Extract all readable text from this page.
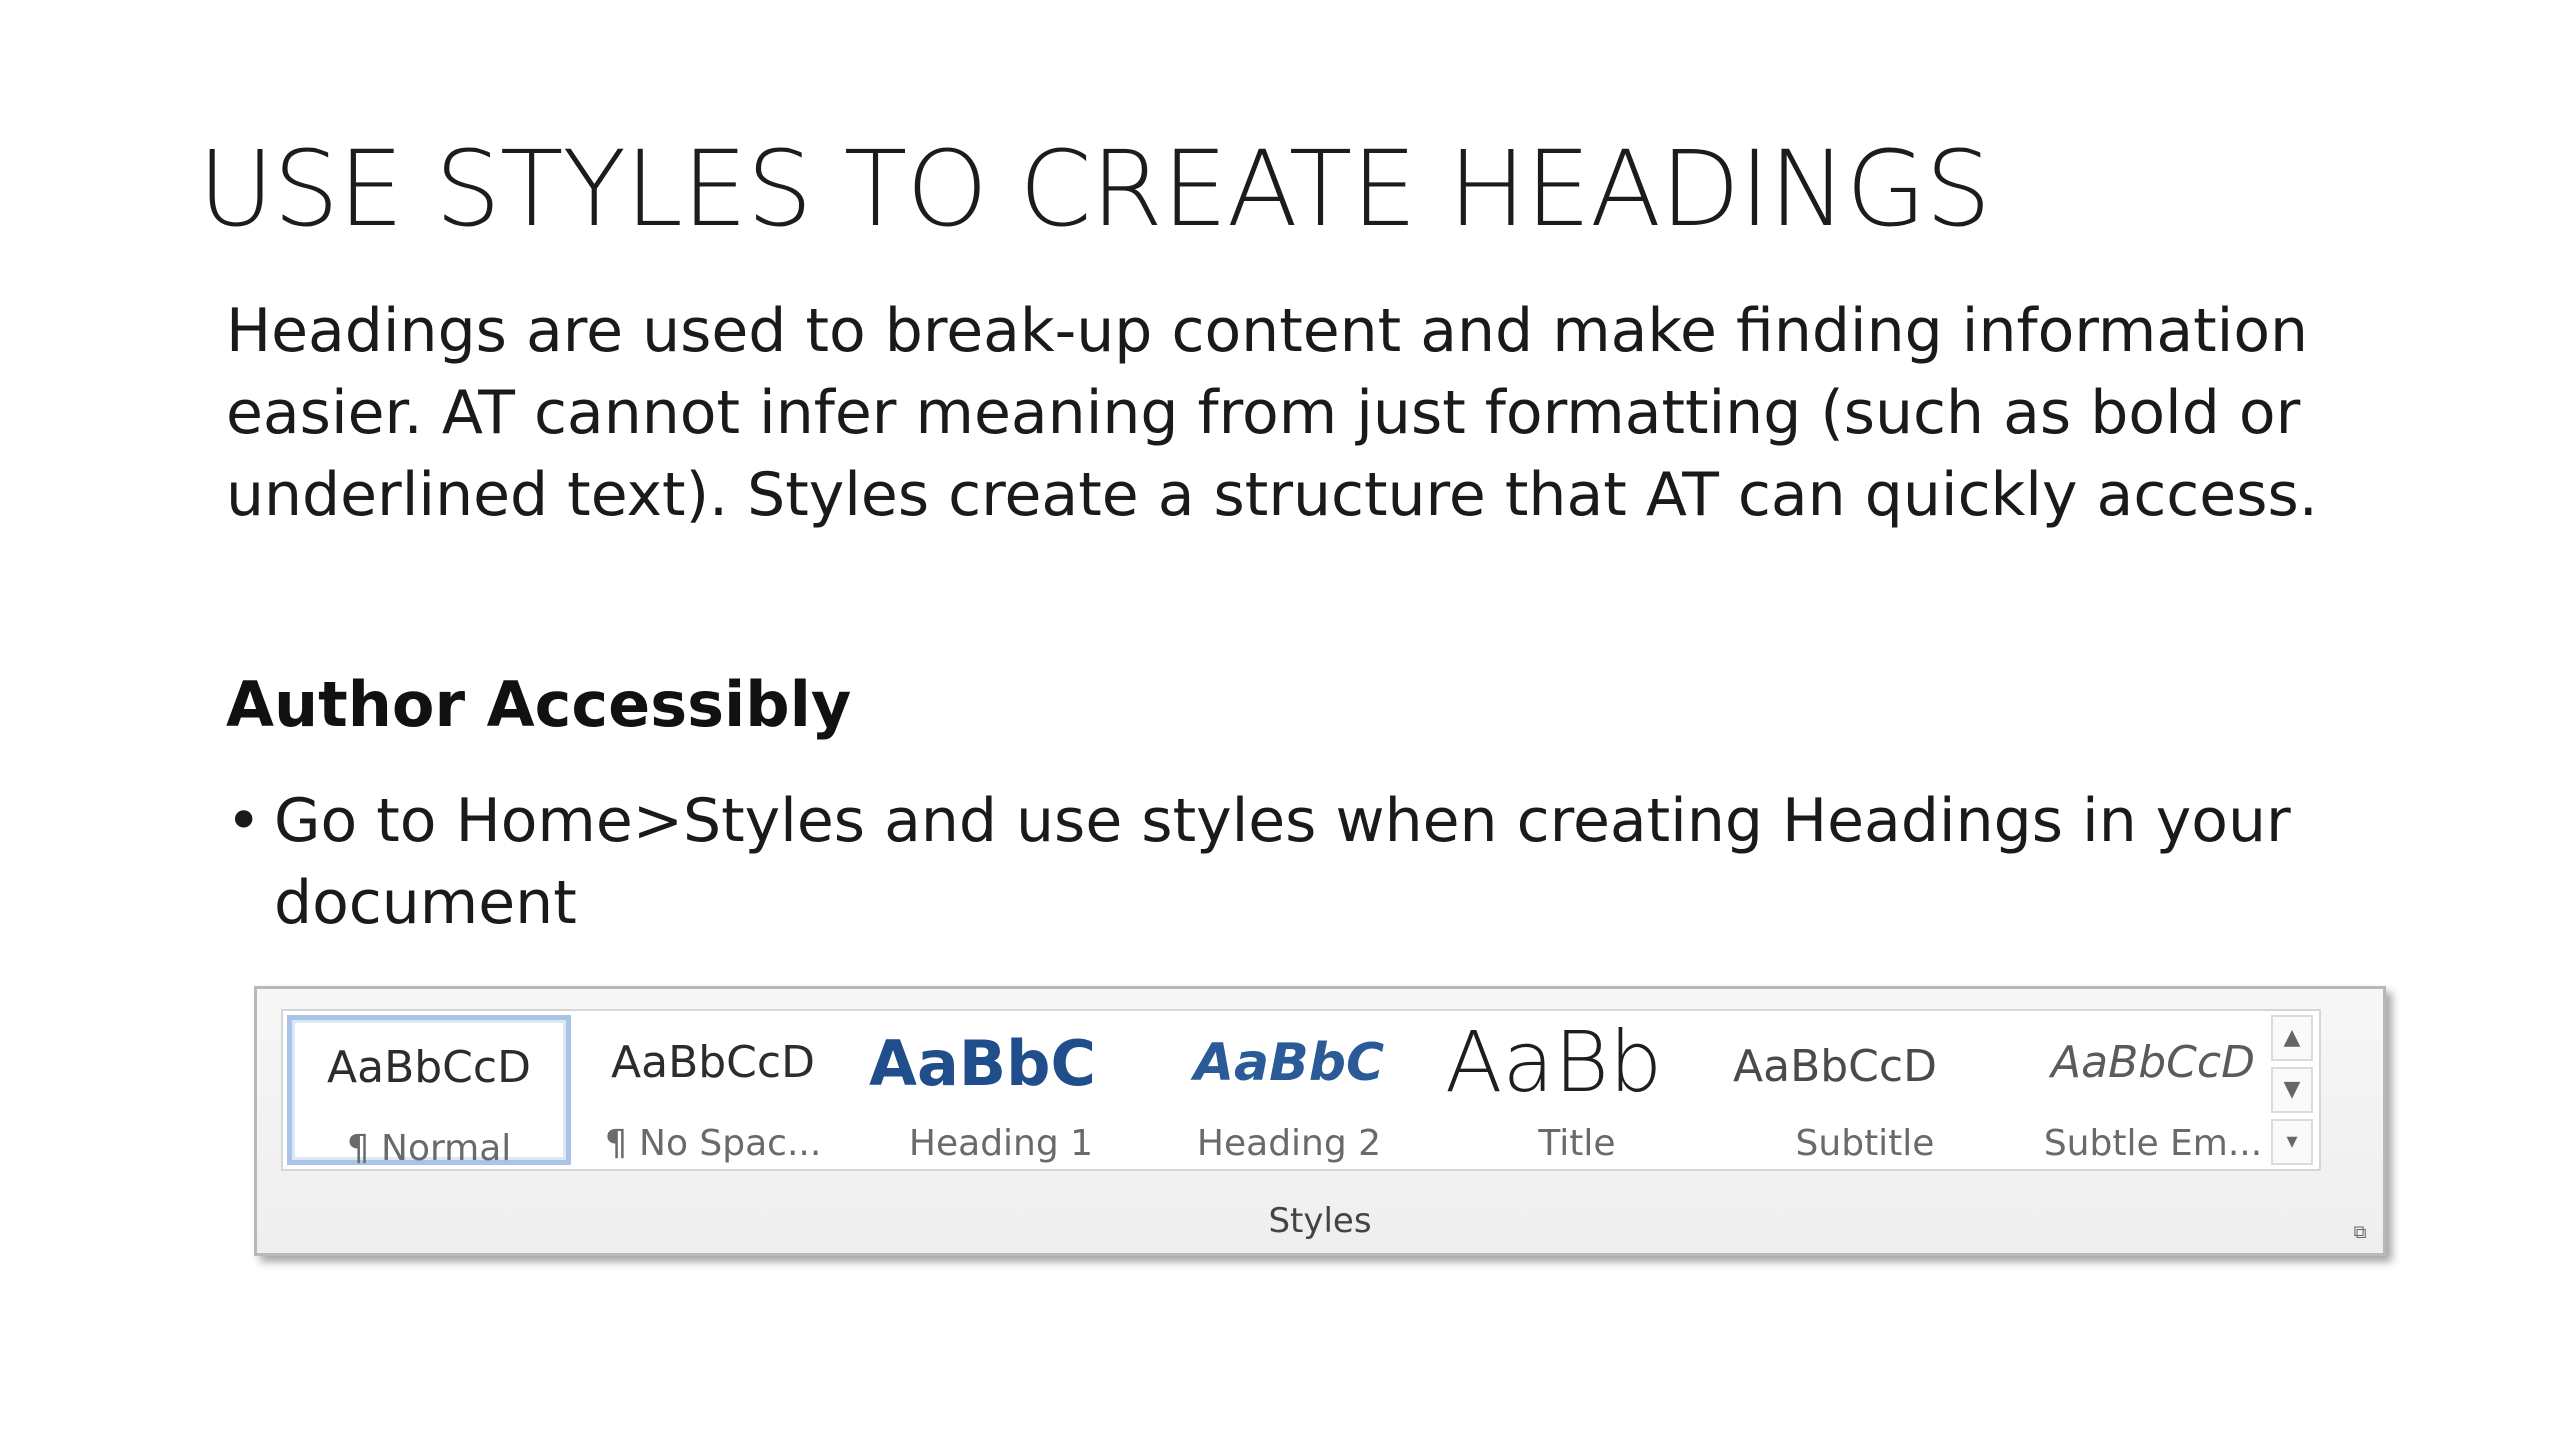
USE STYLES TO CREATE HEADINGS
Headings are used to break-up content and make finding information
easier. AT cannot infer meaning from just formatting (such as bold or
underlined text). Styles create a structure that AT can quickly access.
Author Accessibly
• Go to Home>Styles and use styles when creating Headings in your
document
AaBbCcD
¶ Normal
AaBbCcD
¶ No Spac...
AaBbC
Heading 1
AaBbC
Heading 2
AaBb
Title
AaBbCcD
Subtitle
AaBbCcD
Subtle Em...
▲
▼
▾
Styles	⧉
